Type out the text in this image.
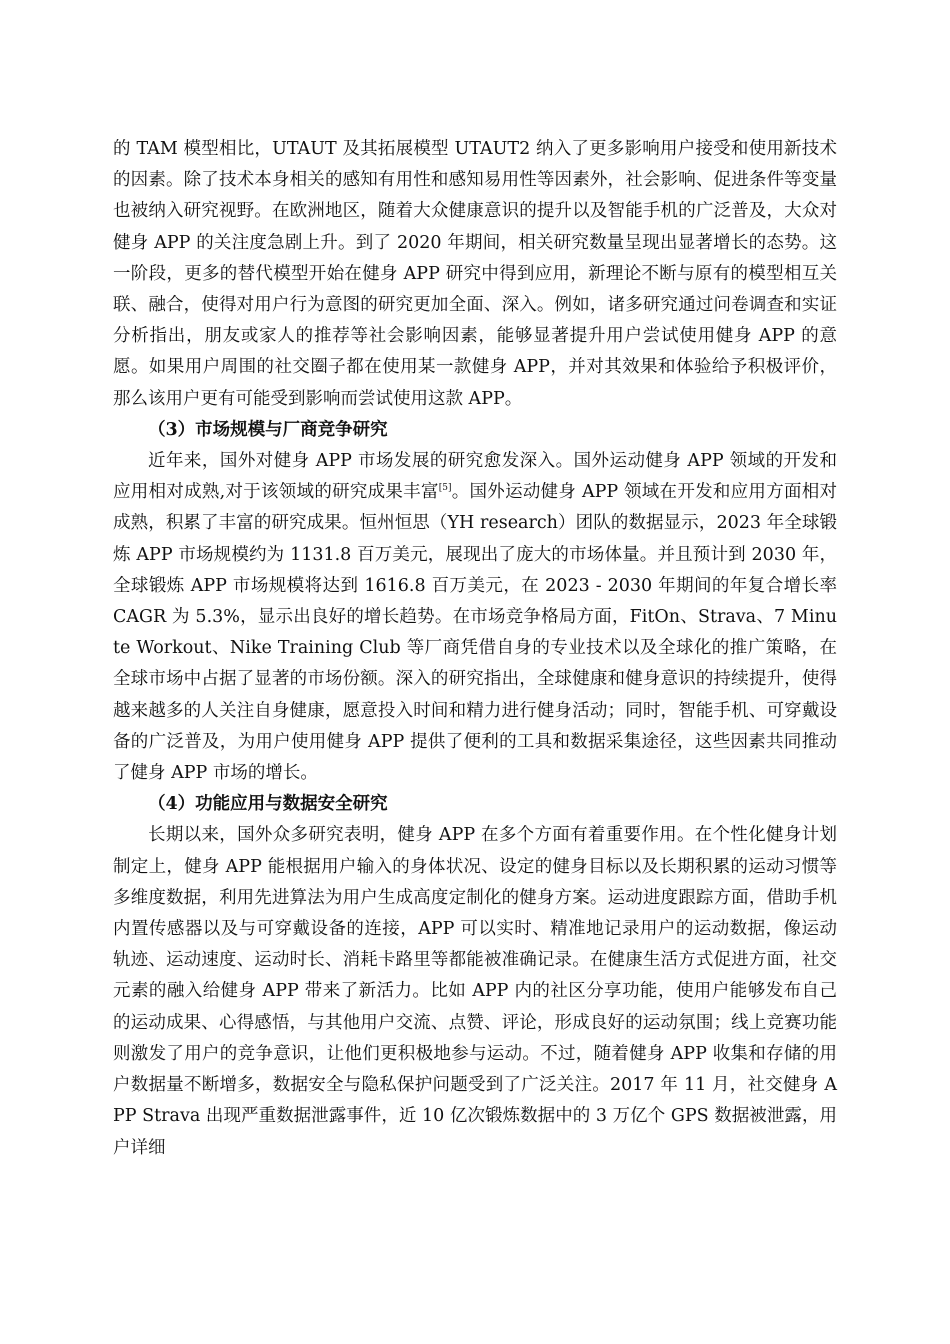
的 TAM 模型相比，UTAUT 及其拓展模型 UTAUT2 纳入了更多影响用户接受和使用新技术的因素。除了技术本身相关的感知有用性和感知易用性等因素外，社会影响、促进条件等变量也被纳入研究视野。在欧洲地区，随着大众健康意识的提升以及智能手机的广泛普及，大众对健身 APP 的关注度急剧上升。到了 2020 年期间，相关研究数量呈现出显著增长的态势。这一阶段，更多的替代模型开始在健身 APP 研究中得到应用，新理论不断与原有的模型相互关联、融合，使得对用户行为意图的研究更加全面、深入。例如，诸多研究通过问卷调查和实证分析指出，朋友或家人的推荐等社会影响因素，能够显著提升用户尝试使用健身 APP 的意愿。如果用户周围的社交圈子都在使用某一款健身 APP，并对其效果和体验给予积极评价，那么该用户更有可能受到影响而尝试使用这款 APP。

（3）市场规模与厂商竞争研究

近年来，国外对健身 APP 市场发展的研究愈发深入。国外运动健身 APP 领域的开发和应用相对成熟,对于该领域的研究成果丰富[5]。国外运动健身 APP 领域在开发和应用方面相对成熟，积累了丰富的研究成果。恒州恒思（YH research）团队的数据显示，2023 年全球锻炼 APP 市场规模约为 1131.8 百万美元，展现出了庞大的市场体量。并且预计到 2030 年，全球锻炼 APP 市场规模将达到 1616.8 百万美元，在 2023 - 2030 年期间的年复合增长率 CAGR 为 5.3%，显示出良好的增长趋势。在市场竞争格局方面，FitOn、Strava、7 Minute Workout、Nike Training Club 等厂商凭借自身的专业技术以及全球化的推广策略，在全球市场中占据了显著的市场份额。深入的研究指出，全球健康和健身意识的持续提升，使得越来越多的人关注自身健康，愿意投入时间和精力进行健身活动；同时，智能手机、可穿戴设备的广泛普及，为用户使用健身 APP 提供了便利的工具和数据采集途径，这些因素共同推动了健身 APP 市场的增长。

（4）功能应用与数据安全研究

长期以来，国外众多研究表明，健身 APP 在多个方面有着重要作用。在个性化健身计划制定上，健身 APP 能根据用户输入的身体状况、设定的健身目标以及长期积累的运动习惯等多维度数据，利用先进算法为用户生成高度定制化的健身方案。运动进度跟踪方面，借助手机内置传感器以及与可穿戴设备的连接，APP 可以实时、精准地记录用户的运动数据，像运动轨迹、运动速度、运动时长、消耗卡路里等都能被准确记录。在健康生活方式促进方面，社交元素的融入给健身 APP 带来了新活力。比如 APP 内的社区分享功能，使用户能够发布自己的运动成果、心得感悟，与其他用户交流、点赞、评论，形成良好的运动氛围；线上竞赛功能则激发了用户的竞争意识，让他们更积极地参与运动。不过，随着健身 APP 收集和存储的用户数据量不断增多，数据安全与隐私保护问题受到了广泛关注。2017 年 11 月，社交健身 APP Strava 出现严重数据泄露事件，近 10 亿次锻炼数据中的 3 万亿个 GPS 数据被泄露，用户详细
